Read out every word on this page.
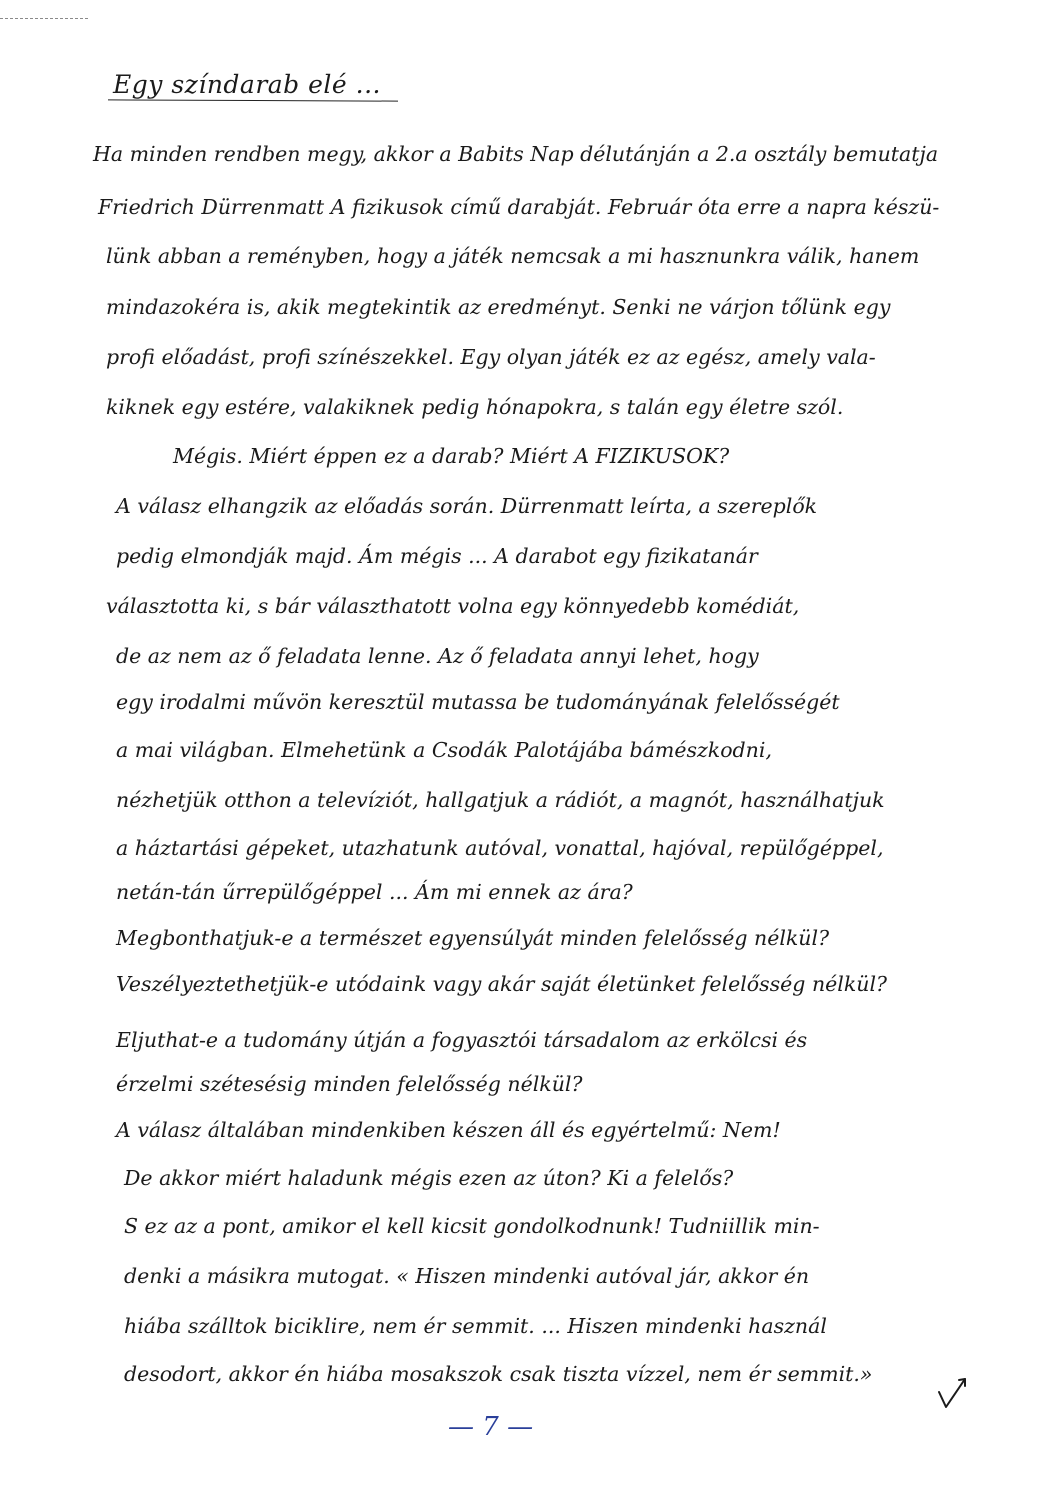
Egy színdarab elé ...
Ha minden rendben megy, akkor a Babits Nap délutánján a 2.a osztály bemutatja
Friedrich Dürrenmatt A fizikusok című darabját. Február óta erre a napra készü-
lünk abban a reményben, hogy a játék nemcsak a mi hasznunkra válik, hanem
mindazokéra is, akik megtekintik az eredményt. Senki ne várjon tőlünk egy
profi előadást, profi színészekkel. Egy olyan játék ez az egész, amely vala-
kiknek egy estére, valakiknek pedig hónapokra, s talán egy életre szól.
Mégis. Miért éppen ez a darab? Miért A FIZIKUSOK?
A válasz elhangzik az előadás során. Dürrenmatt leírta, a szereplők
pedig elmondják majd. Ám mégis ... A darabot egy fizikatanár
választotta ki, s bár választhatott volna egy könnyedebb komédiát,
de az nem az ő feladata lenne. Az ő feladata annyi lehet, hogy
egy irodalmi művön keresztül mutassa be tudományának felelősségét
a mai világban. Elmehetünk a Csodák Palotájába bámészkodni,
nézhetjük otthon a televíziót, hallgatjuk a rádiót, a magnót, használhatjuk
a háztartási gépeket, utazhatunk autóval, vonattal, hajóval, repülőgéppel,
netán-tán űrrepülőgéppel ... Ám mi ennek az ára?
Megbonthatjuk-e a természet egyensúlyát minden felelősség nélkül?
Veszélyeztethetjük-e utódaink vagy akár saját életünket felelősség nélkül?
Eljuthat-e a tudomány útján a fogyasztói társadalom az erkölcsi és
érzelmi szétesésig minden felelősség nélkül?
A válasz általában mindenkiben készen áll és egyértelmű: Nem!
De akkor miért haladunk mégis ezen az úton? Ki a felelős?
S ez az a pont, amikor el kell kicsit gondolkodnunk! Tudniillik min-
denki a másikra mutogat. « Hiszen mindenki autóval jár, akkor én
hiába szálltok biciklire, nem ér semmit. ... Hiszen mindenki használ
desodort, akkor én hiába mosakszok csak tiszta vízzel, nem ér semmit.»
— 7 —
